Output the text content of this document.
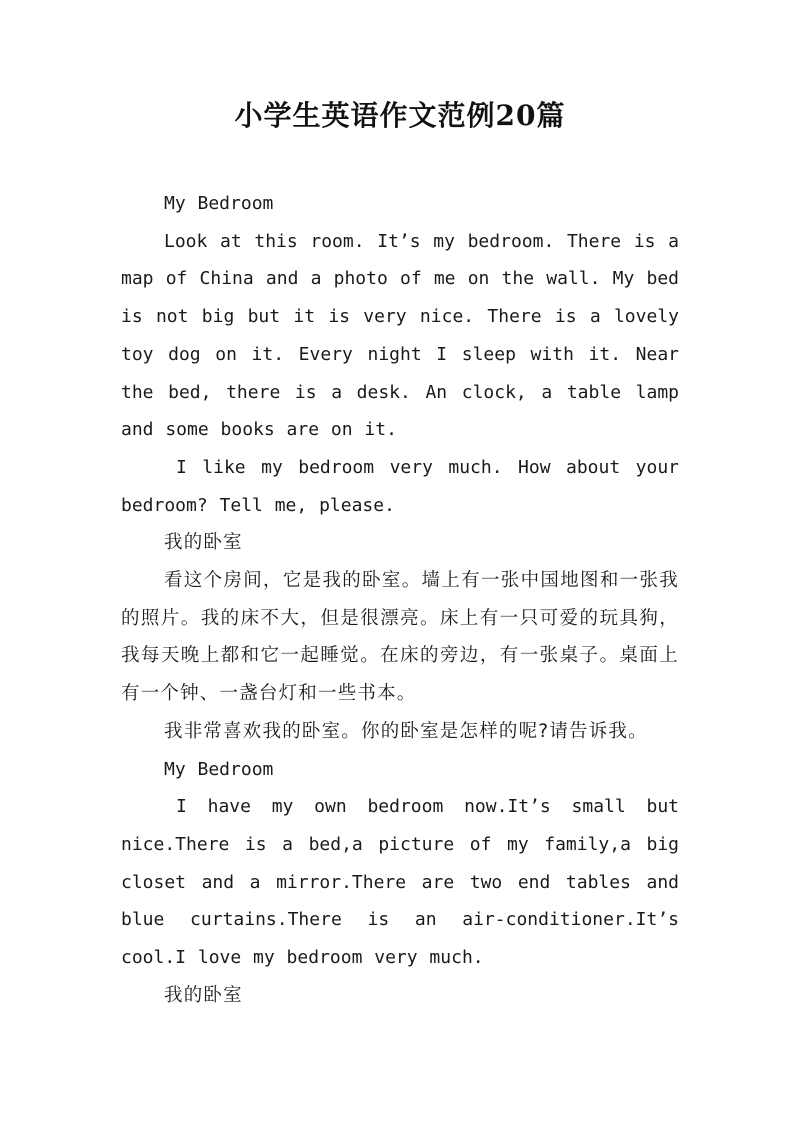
小学生英语作文范例20篇

My Bedroom

Look at this room. It’s my bedroom. There is a map of China and a photo of me on the wall. My bed is not big but it is very nice. There is a lovely toy dog on it. Every night I sleep with it. Near the bed, there is a desk. An clock, a table lamp and some books are on it.

I like my bedroom very much. How about your bedroom? Tell me, please.

我的卧室

看这个房间，它是我的卧室。墙上有一张中国地图和一张我的照片。我的床不大，但是很漂亮。床上有一只可爱的玩具狗，我每天晚上都和它一起睡觉。在床的旁边，有一张桌子。桌面上有一个钟、一盏台灯和一些书本。

我非常喜欢我的卧室。你的卧室是怎样的呢?请告诉我。

My Bedroom

I have my own bedroom now.It’s small but nice.There is a bed,a picture of my family,a big closet and a mirror.There are two end tables and blue curtains.There is an air-conditioner.It’s cool.I love my bedroom very much.

我的卧室
